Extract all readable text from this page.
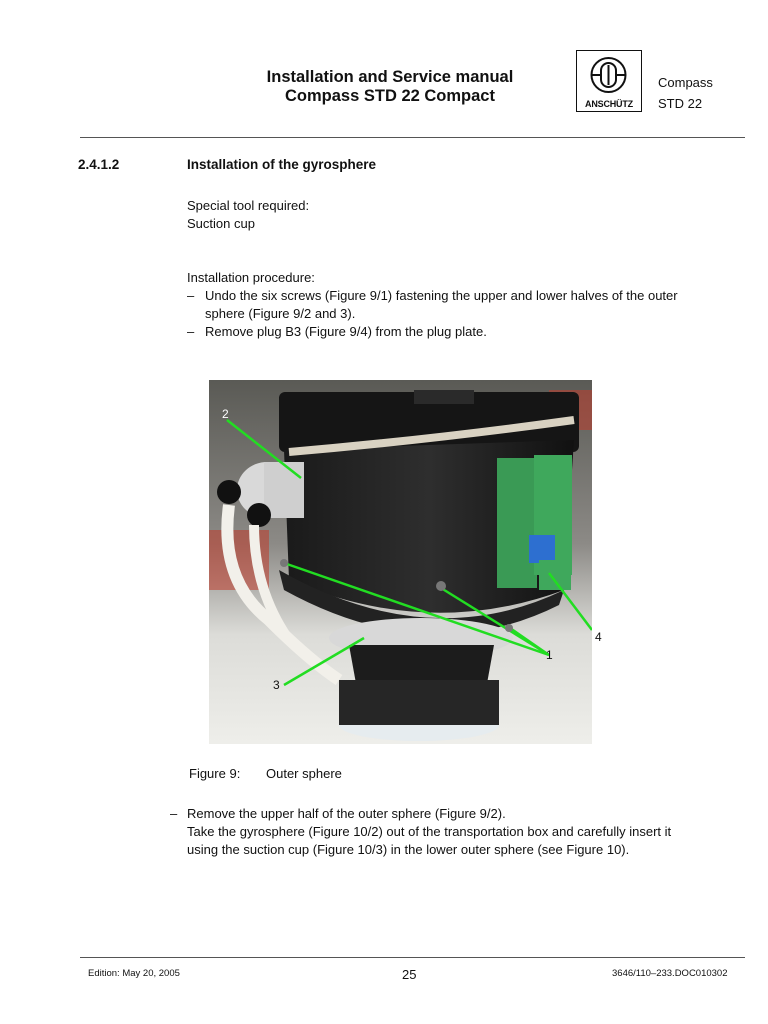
Installation and Service manual
Compass STD 22 Compact	ANSCHÜTZ
Compass
STD 22
2.4.1.2	Installation of the gyrosphere
Special tool required:
Suction cup
Installation procedure:
– Undo the six screws (Figure 9/1) fastening the upper and lower halves of the outer
sphere (Figure 9/2 and 3).
– Remove plug B3 (Figure 9/4) from the plug plate.
2
1
3
4
Figure 9: Outer sphere
– Remove the upper half of the outer sphere (Figure 9/2).
Take the gyrosphere (Figure 10/2) out of the transportation box and carefully insert it
using the suction cup (Figure 10/3) in the lower outer sphere (see Figure 10).
Edition: May 20, 2005	25	3646/110–233.DOC010302
